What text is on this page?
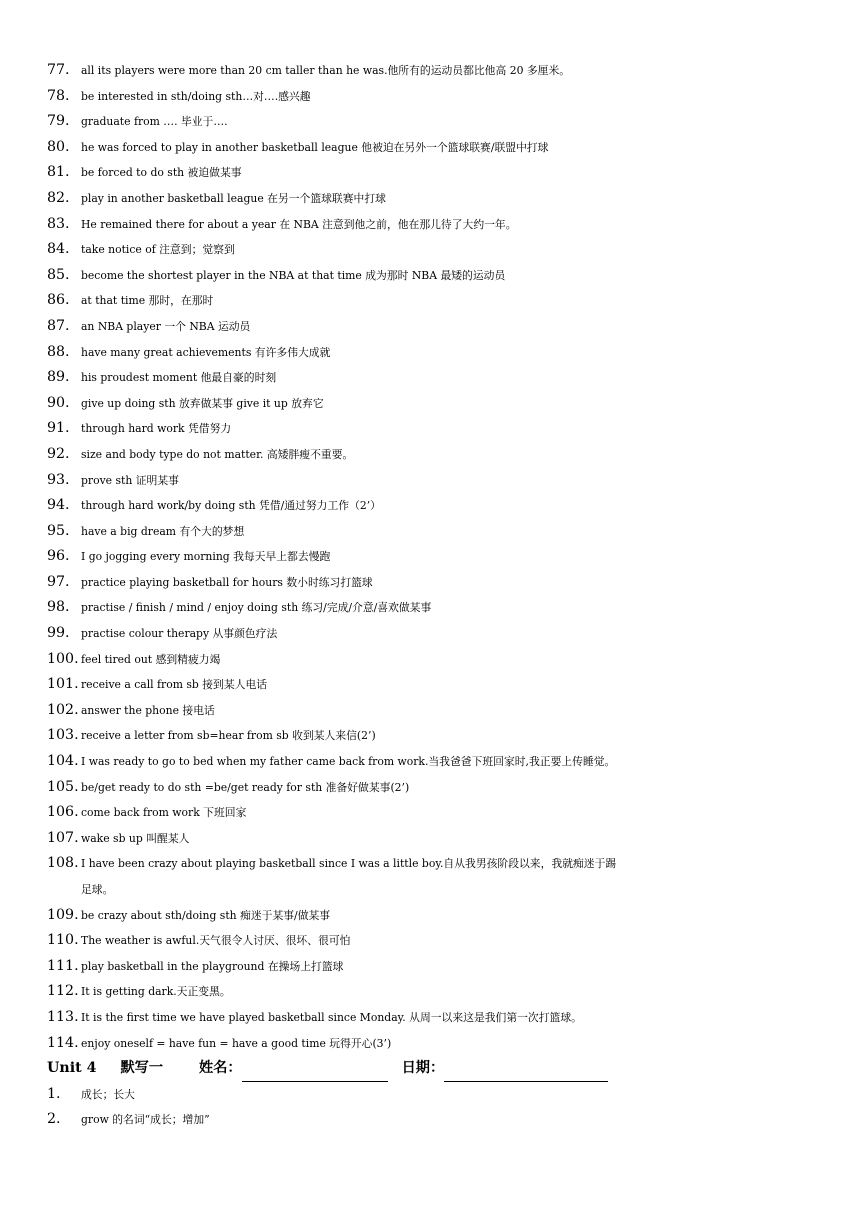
77.	all its players were more than 20 cm taller than he was.他所有的运动员都比他高 20 多厘米。
78.	be interested in sth/doing sth…对….感兴趣
79.	graduate from …. 毕业于….
80.	he was forced to play in another basketball league 他被迫在另外一个篮球联赛/联盟中打球
81.	be forced to do sth 被迫做某事
82.	play in another basketball league 在另一个篮球联赛中打球
83.	He remained there for about a year 在 NBA 注意到他之前，他在那儿待了大约一年。
84.	take notice of 注意到；觉察到
85.	become the shortest player in the NBA at that time 成为那时 NBA 最矮的运动员
86.	at that time 那时，在那时
87.	an NBA player 一个 NBA 运动员
88.	have many great achievements 有许多伟大成就
89.	his proudest moment 他最自豪的时刻
90.	give up doing sth 放弃做某事 give it up 放弃它
91.	through hard work 凭借努力
92.	size and body type do not matter. 高矮胖瘦不重要。
93.	prove sth 证明某事
94.	through hard work/by doing sth 凭借/通过努力工作（2’）
95.	have a big dream 有个大的梦想
96.	I go jogging every morning 我每天早上都去慢跑
97.	practice playing basketball for hours 数小时练习打篮球
98.	practise / finish / mind / enjoy doing sth 练习/完成/介意/喜欢做某事
99.	practise colour therapy 从事颜色疗法
100. feel tired out 感到精疲力竭
101. receive a call from sb 接到某人电话
102. answer the phone 接电话
103. receive a letter from sb=hear from sb 收到某人来信(2’)
104. I was ready to go to bed when my father came back from work.当我爸爸下班回家时,我正要上传睡觉。
105. be/get ready to do sth =be/get ready for sth 准备好做某事(2’)
106. come back from work 下班回家
107. wake sb up 叫醒某人
108. I have been crazy about playing basketball since I was a little boy.自从我男孩阶段以来，我就痴迷于踢
足球。
109. be crazy about sth/doing sth 痴迷于某事/做某事
110. The weather is awful.天气很令人讨厌、很坏、很可怕
111. play basketball in the playground 在操场上打篮球
112. It is getting dark.天正变黑。
113. It is the first time we have played basketball since Monday. 从周一以来这是我们第一次打篮球。
114. enjoy oneself = have fun = have a good time 玩得开心(3’)
Unit 4 默写一	姓名：	日期：
1.	成长；长大
2.	grow 的名词“成长；增加”
